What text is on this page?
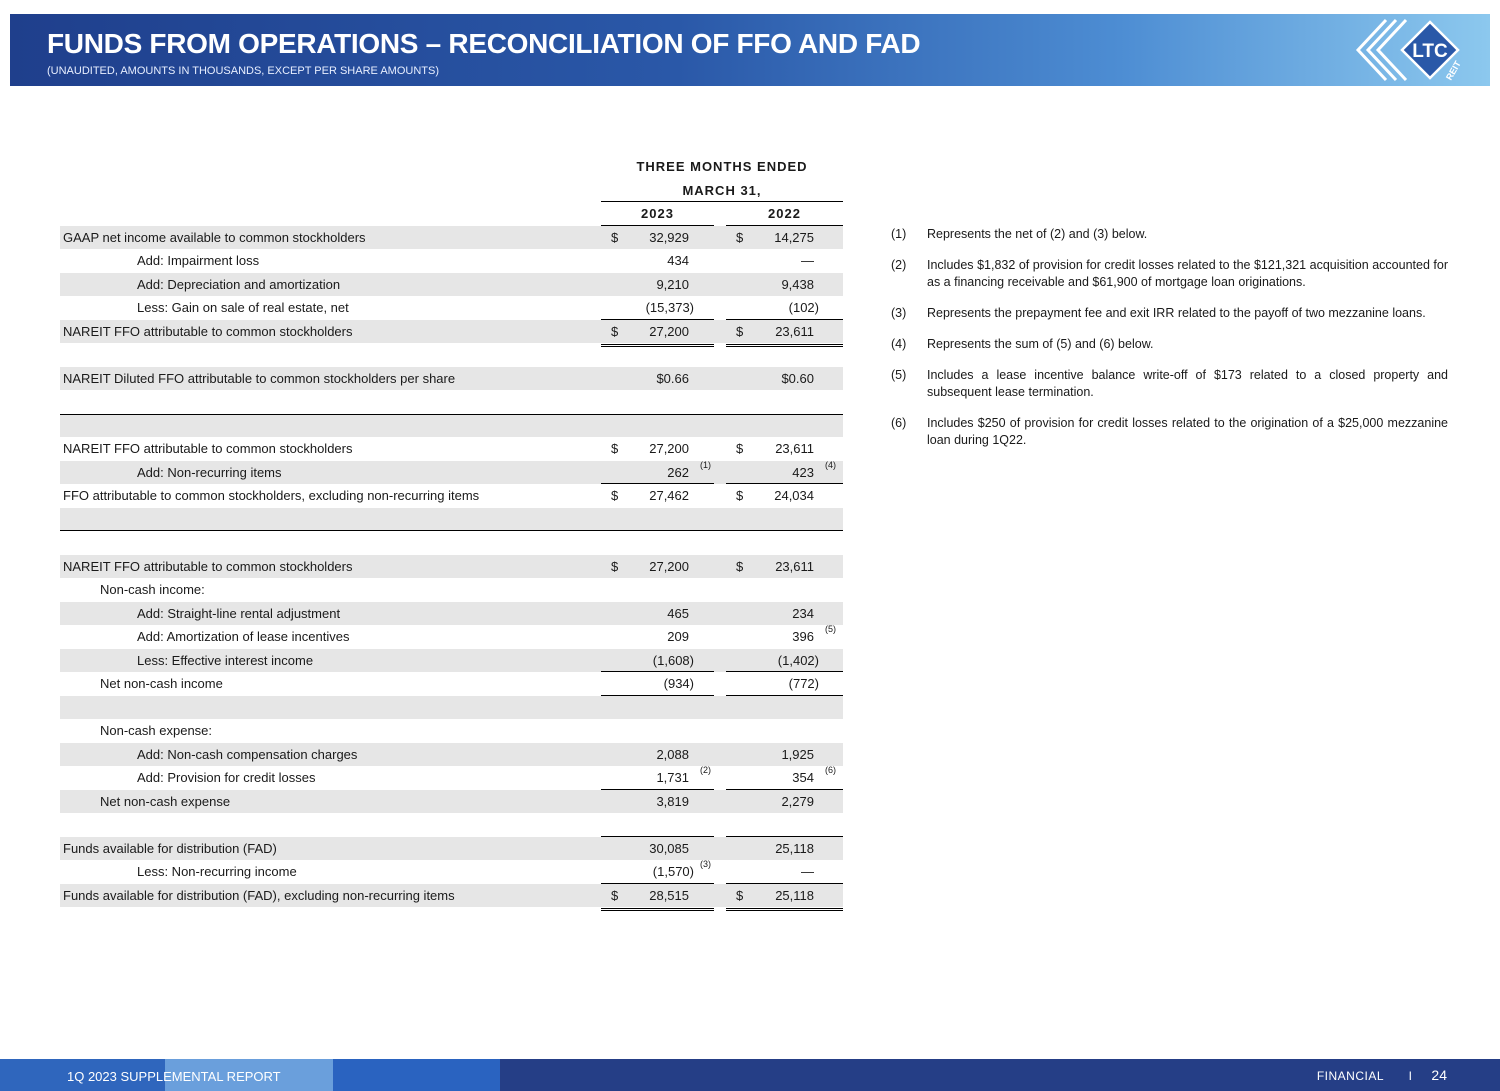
FUNDS FROM OPERATIONS – RECONCILIATION OF FFO AND FAD
(UNAUDITED, AMOUNTS IN THOUSANDS, EXCEPT PER SHARE AMOUNTS)
LTC
REIT
THREE MONTHS ENDED
MARCH 31,
2023	2022
GAAP net income available to common stockholders	$ 32,929	$ 14,275
Add: Impairment loss	434	—
Add: Depreciation and amortization	9,210	9,438
Less: Gain on sale of real estate, net	(15,373)	(102)
NAREIT FFO attributable to common stockholders	$ 27,200	$ 23,611
NAREIT Diluted FFO attributable to common stockholders per share	$0.66	$0.60
NAREIT FFO attributable to common stockholders	$ 27,200	$ 23,611
Add: Non-recurring items	262 (1)	423 (4)
FFO attributable to common stockholders, excluding non-recurring items	$ 27,462	$ 24,034
NAREIT FFO attributable to common stockholders	$ 27,200	$ 23,611
Non-cash income:
Add: Straight-line rental adjustment	465	234
Add: Amortization of lease incentives	209	396 (5)
Less: Effective interest income	(1,608)	(1,402)
Net non-cash income	(934)	(772)
Non-cash expense:
Add: Non-cash compensation charges	2,088	1,925
Add: Provision for credit losses	1,731 (2)	354 (6)
Net non-cash expense	3,819	2,279
Funds available for distribution (FAD)	30,085	25,118
Less: Non-recurring income	(1,570) (3)	—
Funds available for distribution (FAD), excluding non-recurring items	$ 28,515	$ 25,118
(1) Represents the net of (2) and (3) below.
(2) Includes $1,832 of provision for credit losses related to the $121,321 acquisition accounted for as a financing receivable and $61,900 of mortgage loan originations.
(3) Represents the prepayment fee and exit IRR related to the payoff of two mezzanine loans.
(4) Represents the sum of (5) and (6) below.
(5) Includes a lease incentive balance write-off of $173 related to a closed property and subsequent lease termination.
(6) Includes $250 of provision for credit losses related to the origination of a $25,000 mezzanine loan during 1Q22.
1Q 2023 SUPPLEMENTAL REPORT	FINANCIAL I 24
